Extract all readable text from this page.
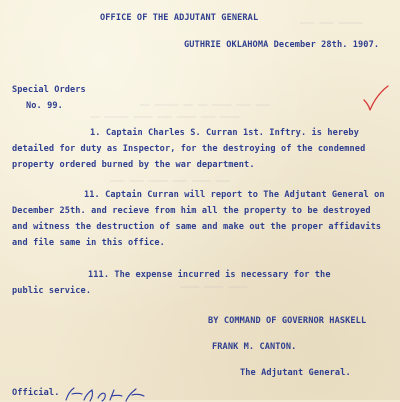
————— ——— ———
——— ——— ———— —— —— ————— ——
———— ——— ———— ——— ———— ————— ——
——— ———— ——— ———— ——— ———
———— ———— ————
OFFICE OF THE ADJUTANT GENERAL
GUTHRIE OKLAHOMA December 28th. 1907.
Special Orders
No. 99.
1. Captain Charles S. Curran 1st. Inftry. is hereby
detailed for duty as Inspector, for the destroying of the condemned
property ordered burned by the war department.
11. Captain Curran will report to The Adjutant General on
December 25th. and recieve from him all the property to be destroyed
and witness the destruction of same and make out the proper affidavits
and file same in this office.
111. The expense incurred is necessary for the
public service.
BY COMMAND OF GOVERNOR HASKELL
FRANK M. CANTON.
The Adjutant General.
Official.
